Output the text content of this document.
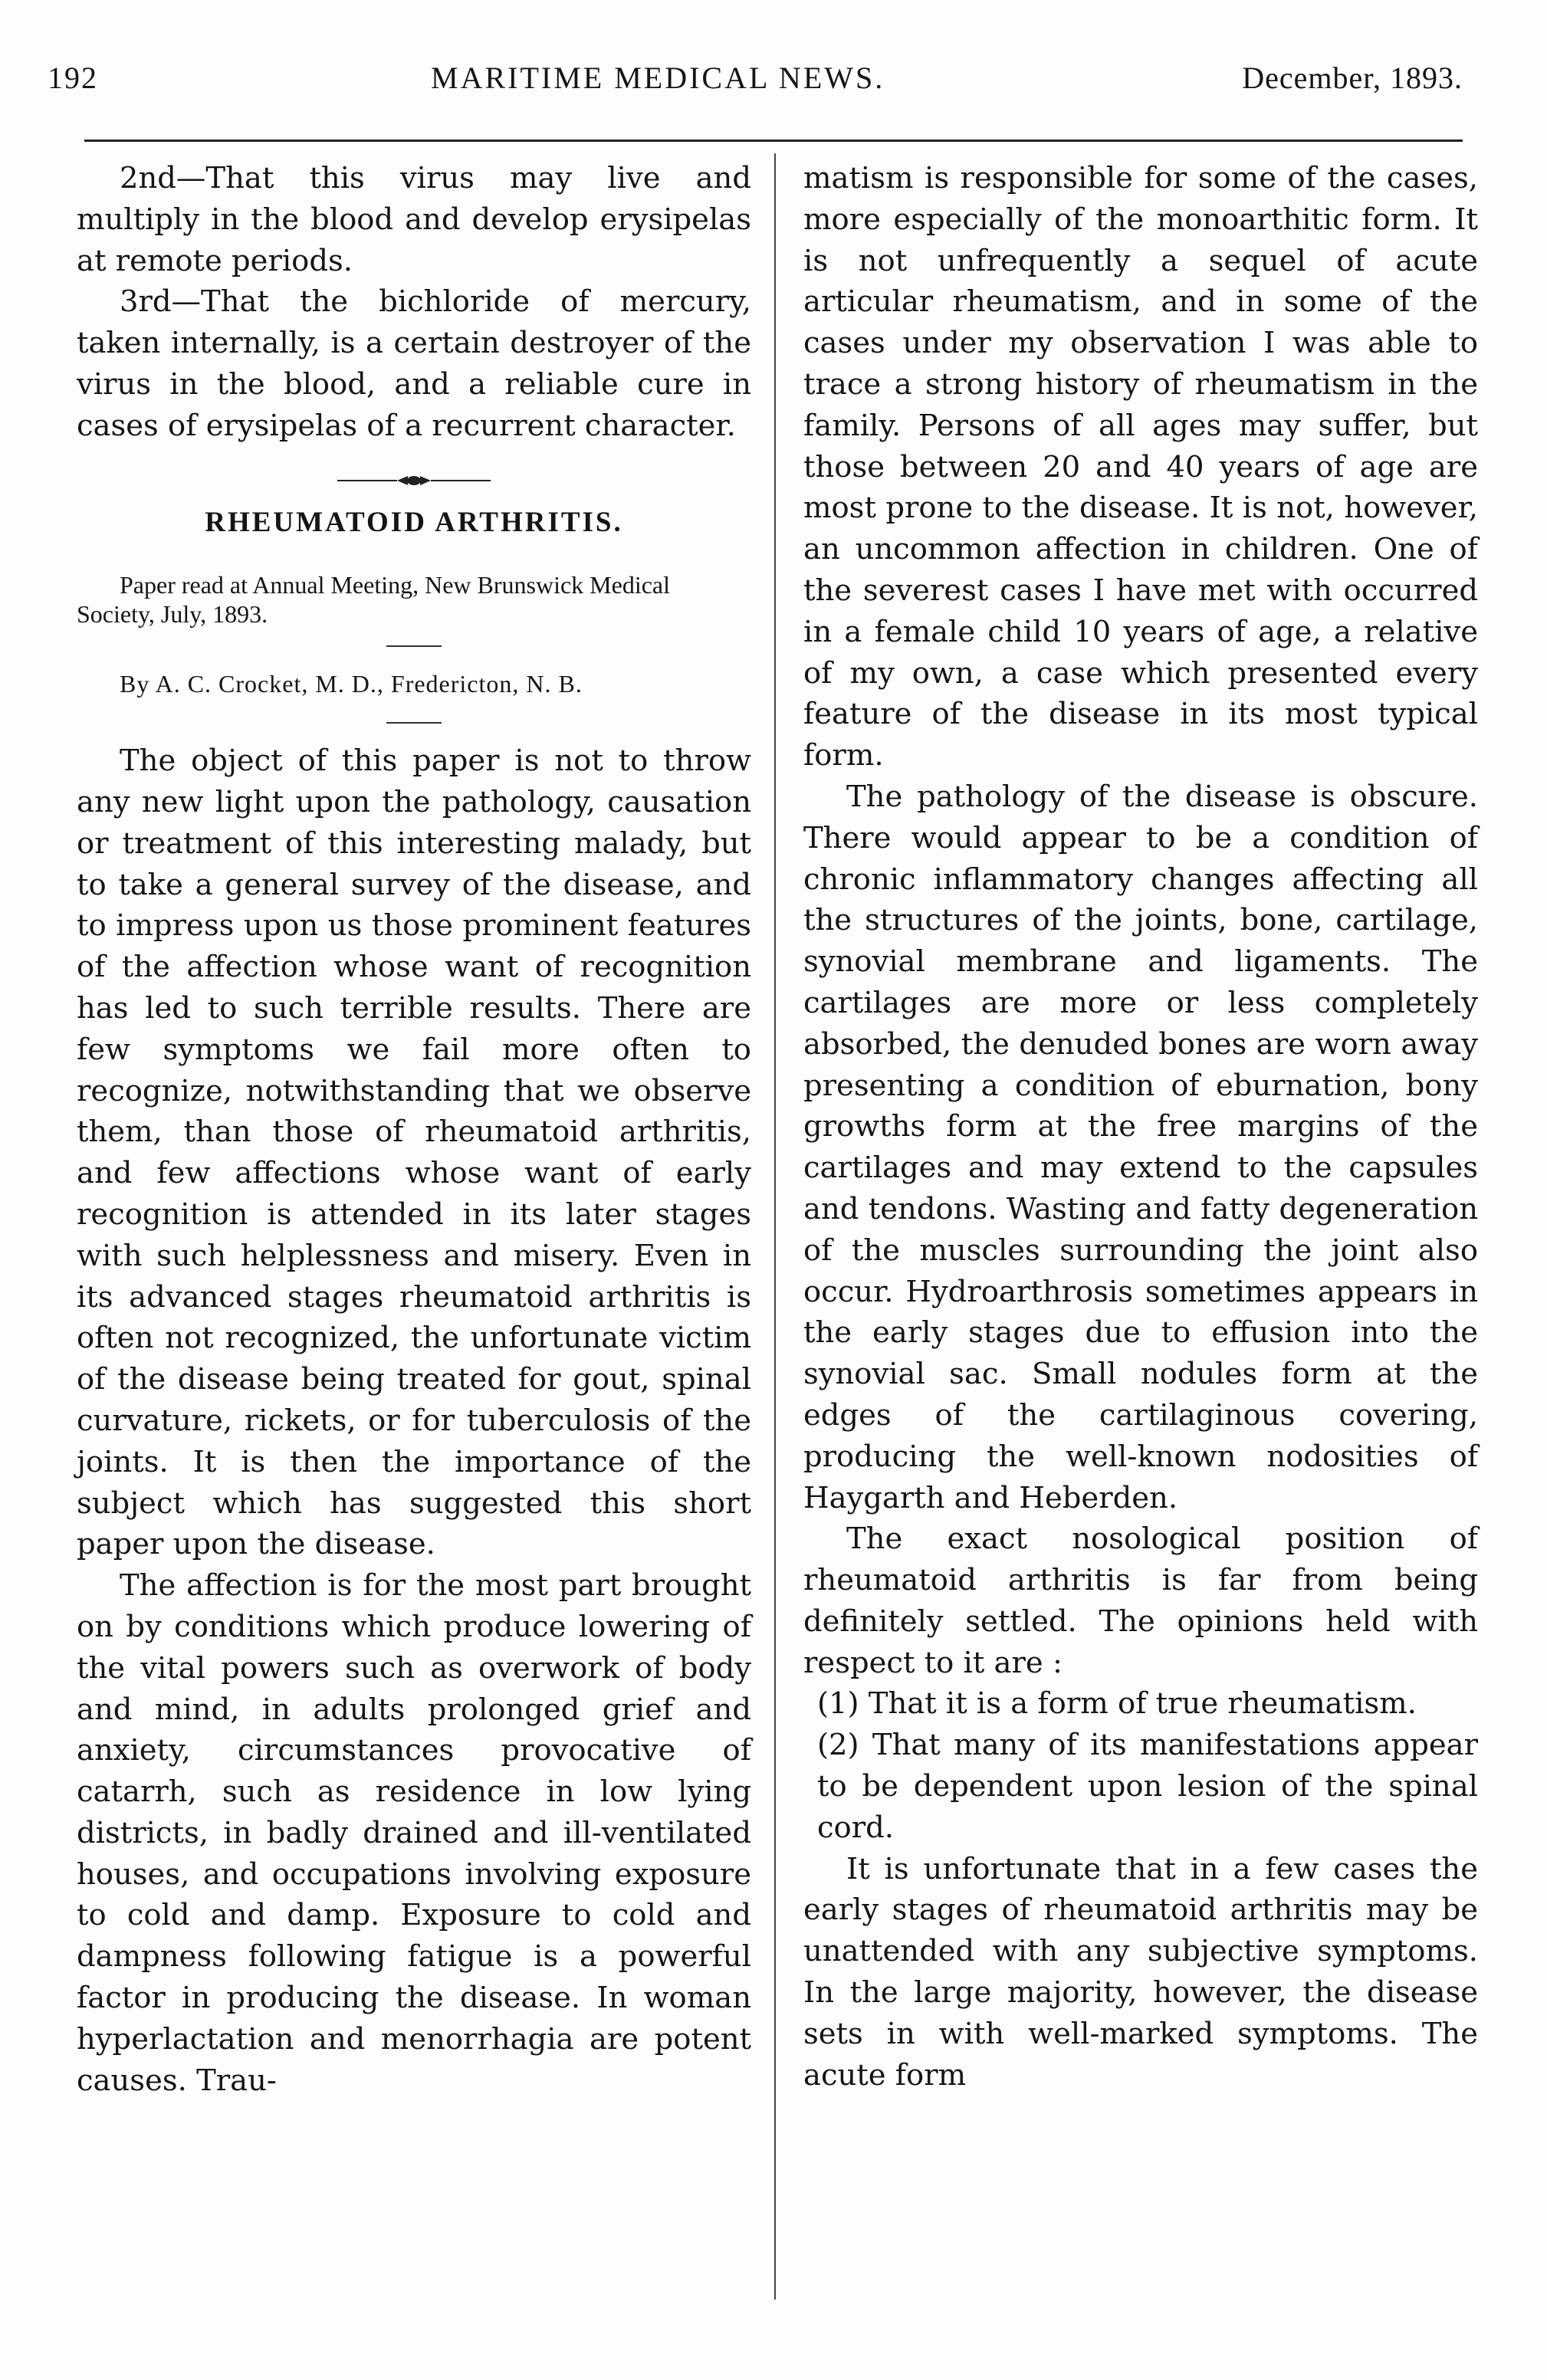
192	MARITIME MEDICAL NEWS.	December, 1893.

2nd—That this virus may live and multiply in the blood and develop erysipelas at remote periods.

3rd—That the bichloride of mercury, taken internally, is a certain destroyer of the virus in the blood, and a reliable cure in cases of erysipelas of a recurrent character.

RHEUMATOID ARTHRITIS.

Paper read at Annual Meeting, New Brunswick Medical Society, July, 1893.

By A. C. Crocket, M. D., Fredericton, N. B.

The object of this paper is not to throw any new light upon the pathology, causation or treatment of this interesting malady, but to take a general survey of the disease, and to impress upon us those prominent features of the affection whose want of recognition has led to such terrible results. There are few symptoms we fail more often to recognize, notwithstanding that we observe them, than those of rheumatoid arthritis, and few affections whose want of early recognition is attended in its later stages with such helplessness and misery. Even in its advanced stages rheumatoid arthritis is often not recognized, the unfortunate victim of the disease being treated for gout, spinal curvature, rickets, or for tuberculosis of the joints. It is then the importance of the subject which has suggested this short paper upon the disease.

The affection is for the most part brought on by conditions which produce lowering of the vital powers such as overwork of body and mind, in adults prolonged grief and anxiety, circumstances provocative of catarrh, such as residence in low lying districts, in badly drained and ill-ventilated houses, and occupations involving exposure to cold and damp. Exposure to cold and dampness following fatigue is a powerful factor in producing the disease. In woman hyperlactation and menorrhagia are potent causes. Trau-

matism is responsible for some of the cases, more especially of the monoarthitic form. It is not unfrequently a sequel of acute articular rheumatism, and in some of the cases under my observation I was able to trace a strong history of rheumatism in the family. Persons of all ages may suffer, but those between 20 and 40 years of age are most prone to the disease. It is not, however, an uncommon affection in children. One of the severest cases I have met with occurred in a female child 10 years of age, a relative of my own, a case which presented every feature of the disease in its most typical form.

The pathology of the disease is obscure. There would appear to be a condition of chronic inflammatory changes affecting all the structures of the joints, bone, cartilage, synovial membrane and ligaments. The cartilages are more or less completely absorbed, the denuded bones are worn away presenting a condition of eburnation, bony growths form at the free margins of the cartilages and may extend to the capsules and tendons. Wasting and fatty degeneration of the muscles surrounding the joint also occur. Hydroarthrosis sometimes appears in the early stages due to effusion into the synovial sac. Small nodules form at the edges of the cartilaginous covering, producing the well-known nodosities of Haygarth and Heberden.

The exact nosological position of rheumatoid arthritis is far from being definitely settled. The opinions held with respect to it are :

(1) That it is a form of true rheumatism.

(2) That many of its manifestations appear to be dependent upon lesion of the spinal cord.

It is unfortunate that in a few cases the early stages of rheumatoid arthritis may be unattended with any subjective symptoms. In the large majority, however, the disease sets in with well-marked symptoms. The acute form
